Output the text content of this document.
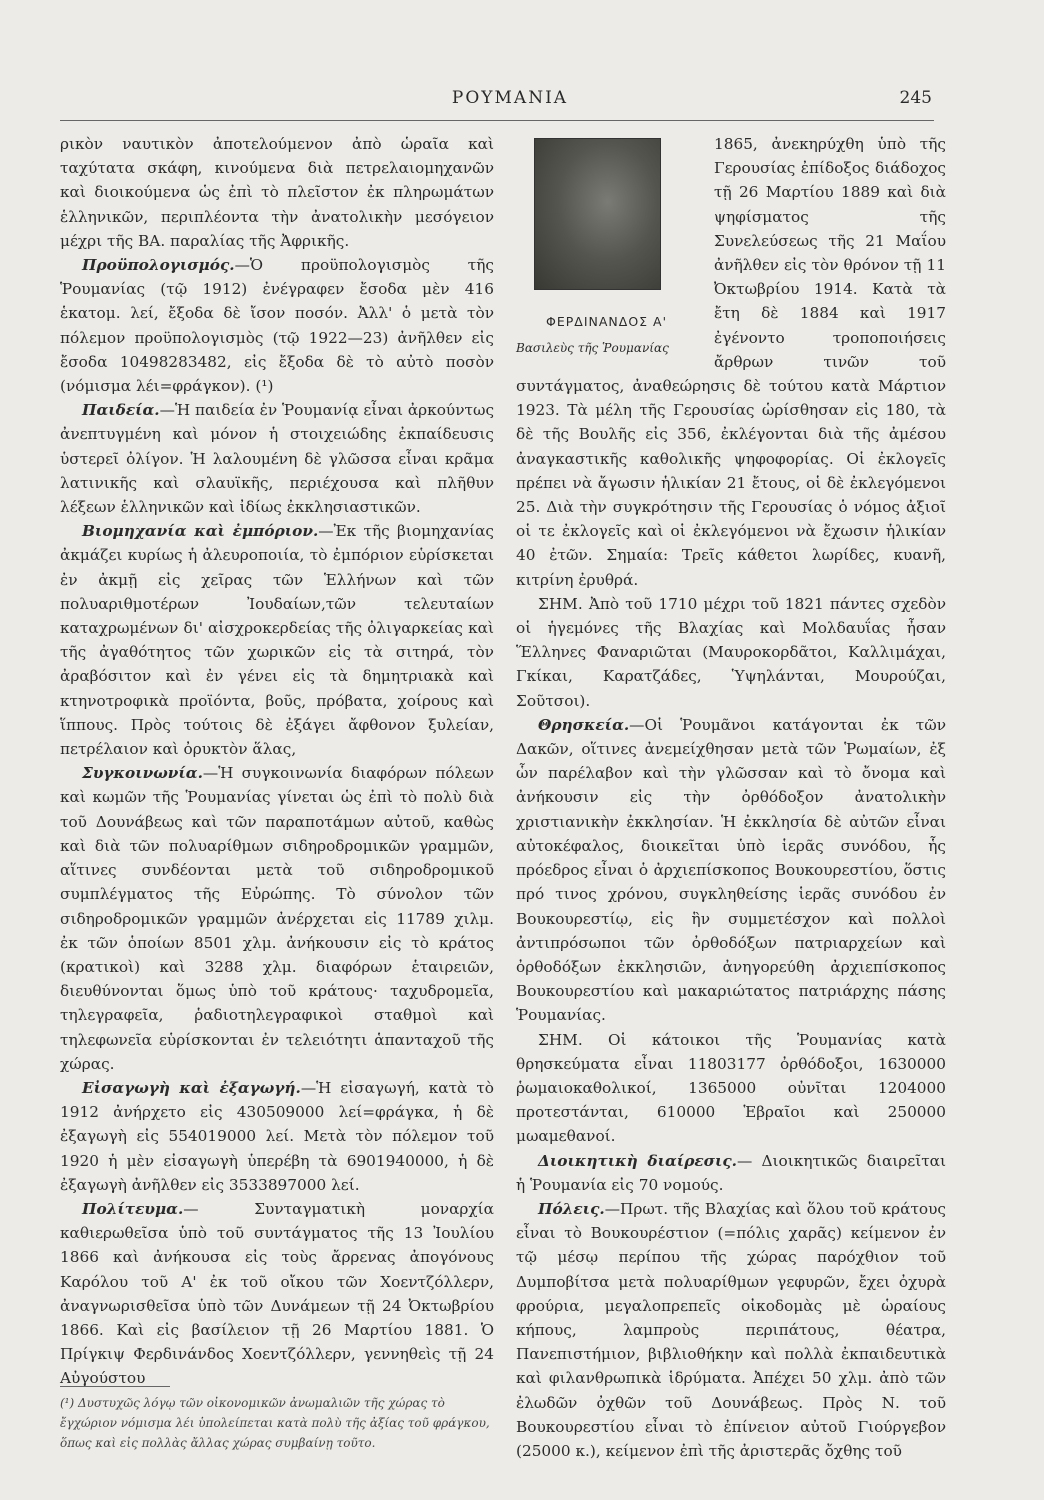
ΡΟΥΜΑΝΙΑ	245

ρικὸν ναυτικὸν ἀποτελούμενον ἀπὸ ὡραῖα καὶ ταχύτατα σκάφη, κινούμενα διὰ πετρελαιομηχανῶν καὶ διοικούμενα ὡς ἐπὶ τὸ πλεῖστον ἐκ πληρωμάτων ἑλληνικῶν, περιπλέοντα τὴν ἀνατολικὴν μεσόγειον μέχρι τῆς ΒΑ. παραλίας τῆς Ἀφρικῆς.

Προϋπολογισμός.—Ὁ προϋπολογισμὸς τῆς Ῥουμανίας (τῷ 1912) ἐνέγραφεν ἔσοδα μὲν 416 ἑκατομ. λεί, ἔξοδα δὲ ἴσον ποσόν. Ἀλλ' ὁ μετὰ τὸν πόλεμον προϋπολογισμὸς (τῷ 1922—23) ἀνῆλθεν εἰς ἔσοδα 10498283482, εἰς ἔξοδα δὲ τὸ αὐτὸ ποσὸν (νόμισμα λέι=φράγκον). (¹)

Παιδεία.—Ἡ παιδεία ἐν Ῥουμανίᾳ εἶναι ἀρκούντως ἀνεπτυγμένη καὶ μόνον ἡ στοιχειώδης ἐκπαίδευσις ὑστερεῖ ὀλίγον. Ἡ λαλουμένη δὲ γλῶσσα εἶναι κρᾶμα λατινικῆς καὶ σλαυϊκῆς, περιέχουσα καὶ πλῆθυν λέξεων ἑλληνικῶν καὶ ἰδίως ἐκκλησιαστικῶν.

Βιομηχανία καὶ ἐμπόριον.—Ἐκ τῆς βιομηχανίας ἀκμάζει κυρίως ἡ ἀλευροποιία, τὸ ἐμπόριον εὑρίσκεται ἐν ἀκμῇ εἰς χεῖρας τῶν Ἑλλήνων καὶ τῶν πολυαριθμοτέρων Ἰουδαίων,τῶν τελευταίων καταχρωμένων δι' αἰσχροκερδείας τῆς ὀλιγαρκείας καὶ τῆς ἀγαθότητος τῶν χωρικῶν εἰς τὰ σιτηρά, τὸν ἀραβόσιτον καὶ ἐν γένει εἰς τὰ δημητριακὰ καὶ κτηνοτροφικὰ προϊόντα, βοῦς, πρόβατα, χοίρους καὶ ἵππους. Πρὸς τούτοις δὲ ἐξάγει ἄφθονον ξυλείαν, πετρέλαιον καὶ ὀρυκτὸν ἅλας,

Συγκοινωνία.—Ἡ συγκοινωνία διαφόρων πόλεων καὶ κωμῶν τῆς Ῥουμανίας γίνεται ὡς ἐπὶ τὸ πολὺ διὰ τοῦ Δουνάβεως καὶ τῶν παραποτάμων αὐτοῦ, καθὼς καὶ διὰ τῶν πολυαρίθμων σιδηροδρομικῶν γραμμῶν, αἵτινες συνδέονται μετὰ τοῦ σιδηροδρομικοῦ συμπλέγματος τῆς Εὐρώπης. Τὸ σύνολον τῶν σιδηροδρομικῶν γραμμῶν ἀνέρχεται εἰς 11789 χιλμ. ἐκ τῶν ὁποίων 8501 χλμ. ἀνήκουσιν εἰς τὸ κράτος (κρατικοὶ) καὶ 3288 χλμ. διαφόρων ἑταιρειῶν, διευθύνονται ὅμως ὑπὸ τοῦ κράτους· ταχυδρομεῖα, τηλεγραφεῖα, ῥαδιοτηλεγραφικοὶ σταθμοὶ καὶ τηλεφωνεῖα εὑρίσκονται ἐν τελειότητι ἁπανταχοῦ τῆς χώρας.

Εἰσαγωγὴ καὶ ἐξαγωγή.—Ἡ εἰσαγωγή, κατὰ τὸ 1912 ἀνήρχετο εἰς 430509000 λεί=φράγκα, ἡ δὲ ἐξαγωγὴ εἰς 554019000 λεί. Μετὰ τὸν πόλεμον τοῦ 1920 ἡ μὲν εἰσαγωγὴ ὑπερέβη τὰ 6901940000, ἡ δὲ ἐξαγωγὴ ἀνῆλθεν εἰς 3533897000 λεί.

Πολίτευμα.— Συνταγματικὴ μοναρχία καθιερωθεῖσα ὑπὸ τοῦ συντάγματος τῆς 13 Ἰουλίου 1866 καὶ ἀνήκουσα εἰς τοὺς ἄρρενας ἀπογόνους Καρόλου τοῦ Α' ἐκ τοῦ οἴκου τῶν Χοεντζόλλερν, ἀναγνωρισθεῖσα ὑπὸ τῶν Δυνάμεων τῇ 24 Ὀκτωβρίου 1866. Καὶ εἰς βασίλειον τῇ 26 Μαρτίου 1881. Ὁ Πρίγκιψ Φερδινάνδος Χοεντζόλλερν, γεννηθεὶς τῇ 24 Αὐγούστου

(¹) Δυστυχῶς λόγῳ τῶν οἰκονομικῶν ἀνωμαλιῶν τῆς χώρας τὸ ἔγχώριον νόμισμα λέι ὑπολείπεται κατὰ πολὺ τῆς ἀξίας τοῦ φράγκου, ὅπως καὶ εἰς πολλὰς ἄλλας χώρας συμβαίνῃ τοῦτο.
ΦΕΡΔΙΝΑΝΔΟΣ Α'
Βασιλεὺς τῆς Ῥουμανίας

1865, ἀνεκηρύχθη ὑπὸ τῆς Γερουσίας ἐπίδοξος διάδοχος τῇ 26 Μαρτίου 1889 καὶ διὰ ψηφίσματος τῆς Συνελεύσεως τῆς 21 Μαΐου ἀνῆλθεν εἰς τὸν θρόνον τῇ 11 Ὀκτωβρίου 1914. Κατὰ τὰ ἔτη δὲ 1884 καὶ 1917 ἐγένοντο τροποποιήσεις ἄρθρων τινῶν τοῦ συντάγματος, ἀναθεώρησις δὲ τούτου κατὰ Μάρτιον 1923. Τὰ μέλη τῆς Γερουσίας ὡρίσθησαν εἰς 180, τὰ δὲ τῆς Βουλῆς εἰς 356, ἐκλέγονται διὰ τῆς ἀμέσου ἀναγκαστικῆς καθολικῆς ψηφοφορίας. Οἱ ἐκλογεῖς πρέπει νὰ ἄγωσιν ἡλικίαν 21 ἔτους, οἱ δὲ ἐκλεγόμενοι 25. Διὰ τὴν συγκρότησιν τῆς Γερουσίας ὁ νόμος ἀξιοῖ οἱ τε ἐκλογεῖς καὶ οἱ ἐκλεγόμενοι νὰ ἔχωσιν ἡλικίαν 40 ἐτῶν. Σημαία: Τρεῖς κάθετοι λωρίδες, κυανῆ, κιτρίνη ἐρυθρά.

ΣΗΜ. Ἀπὸ τοῦ 1710 μέχρι τοῦ 1821 πάντες σχεδὸν οἱ ἡγεμόνες τῆς Βλαχίας καὶ Μολδαυΐας ἦσαν Ἕλληνες Φαναριῶται (Μαυροκορδᾶτοι, Καλλιμάχαι, Γκίκαι, Καρατζάδες, Ὑψηλάνται, Μουρούζαι, Σοῦτσοι).

Θρησκεία.—Οἱ Ῥουμᾶνοι κατάγονται ἐκ τῶν Δακῶν, οἵτινες ἀνεμείχθησαν μετὰ τῶν Ῥωμαίων, ἐξ ὧν παρέλαβον καὶ τὴν γλῶσσαν καὶ τὸ ὄνομα καὶ ἀνήκουσιν εἰς τὴν ὀρθόδοξον ἀνατολικὴν χριστιανικὴν ἐκκλησίαν. Ἡ ἐκκλησία δὲ αὐτῶν εἶναι αὐτοκέφαλος, διοικεῖται ὑπὸ ἱερᾶς συνόδου, ἧς πρόεδρος εἶναι ὁ ἀρχιεπίσκοπος Βουκουρεστίου, ὅστις πρό τινος χρόνου, συγκληθείσης ἱερᾶς συνόδου ἐν Βουκουρεστίῳ, εἰς ἣν συμμετέσχον καὶ πολλοὶ ἀντιπρόσωποι τῶν ὀρθοδόξων πατριαρχείων καὶ ὀρθοδόξων ἐκκλησιῶν, ἀνηγορεύθη ἀρχιεπίσκοπος Βουκουρεστίου καὶ μακαριώτατος πατριάρχης πάσης Ῥουμανίας.

ΣΗΜ. Οἱ κάτοικοι τῆς Ῥουμανίας κατὰ θρησκεύματα εἶναι 11803177 ὀρθόδοξοι, 1630000 ῥωμαιοκαθολικοί, 1365000 οὐνῖται 1204000 προτεστάνται, 610000 Ἑβραῖοι καὶ 250000 μωαμεθανοί.

Διοικητικὴ διαίρεσις.— Διοικητικῶς διαιρεῖται ἡ Ῥουμανία εἰς 70 νομούς.

Πόλεις.—Πρωτ. τῆς Βλαχίας καὶ ὅλου τοῦ κράτους εἶναι τὸ Βουκουρέστιον (=πόλις χαρᾶς) κείμενον ἐν τῷ μέσῳ περίπου τῆς χώρας παρόχθιον τοῦ Δυμποβίτσα μετὰ πολυαρίθμων γεφυρῶν, ἔχει ὀχυρὰ φρούρια, μεγαλοπρεπεῖς οἰκοδομὰς μὲ ὡραίους κήπους, λαμπροὺς περιπάτους, θέατρα, Πανεπιστήμιον, βιβλιοθήκην καὶ πολλὰ ἐκπαιδευτικὰ καὶ φιλανθρωπικὰ ἱδρύματα. Ἀπέχει 50 χλμ. ἀπὸ τῶν ἐλωδῶν ὀχθῶν τοῦ Δουνάβεως. Πρὸς Ν. τοῦ Βουκουρεστίου εἶναι τὸ ἐπίνειον αὐτοῦ Γιούργεβον (25000 κ.), κείμενον ἐπὶ τῆς ἀριστερᾶς ὄχθης τοῦ
